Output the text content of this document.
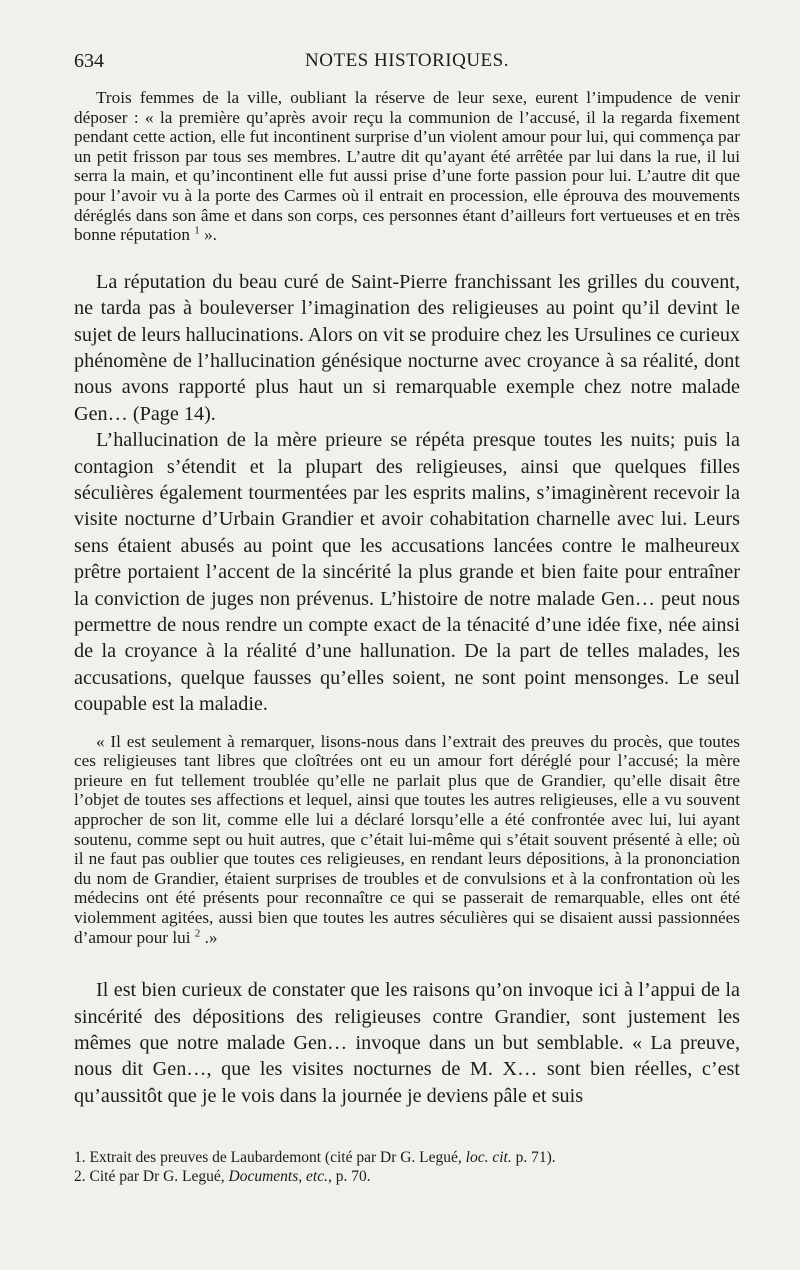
634	NOTES HISTORIQUES.

Trois femmes de la ville, oubliant la réserve de leur sexe, eurent l’impudence de venir déposer : « la première qu’après avoir reçu la communion de l’accusé, il la regarda fixement pendant cette action, elle fut incontinent surprise d’un violent amour pour lui, qui commença par un petit frisson par tous ses membres. L’autre dit qu’ayant été arrêtée par lui dans la rue, il lui serra la main, et qu’incontinent elle fut aussi prise d’une forte passion pour lui. L’autre dit que pour l’avoir vu à la porte des Carmes où il entrait en procession, elle éprouva des mouvements déréglés dans son âme et dans son corps, ces personnes étant d’ailleurs fort vertueuses et en très bonne réputation $^1$ ».

La réputation du beau curé de Saint-Pierre franchissant les grilles du couvent, ne tarda pas à bouleverser l’imagination des religieuses au point qu’il devint le sujet de leurs hallucinations. Alors on vit se produire chez les Ursulines ce curieux phénomène de l’hallucination génésique nocturne avec croyance à sa réalité, dont nous avons rapporté plus haut un si remarquable exemple chez notre malade Gen… (Page 14).

L’hallucination de la mère prieure se répéta presque toutes les nuits; puis la contagion s’étendit et la plupart des religieuses, ainsi que quelques filles séculières également tourmentées par les esprits malins, s’imaginèrent recevoir la visite nocturne d’Urbain Grandier et avoir cohabitation charnelle avec lui. Leurs sens étaient abusés au point que les accusations lancées contre le malheureux prêtre portaient l’accent de la sincérité la plus grande et bien faite pour entraîner la conviction de juges non prévenus. L’histoire de notre malade Gen… peut nous permettre de nous rendre un compte exact de la ténacité d’une idée fixe, née ainsi de la croyance à la réalité d’une hallunation. De la part de telles malades, les accusations, quelque fausses qu’elles soient, ne sont point mensonges. Le seul coupable est la maladie.

« Il est seulement à remarquer, lisons-nous dans l’extrait des preuves du procès, que toutes ces religieuses tant libres que cloîtrées ont eu un amour fort déréglé pour l’accusé; la mère prieure en fut tellement troublée qu’elle ne parlait plus que de Grandier, qu’elle disait être l’objet de toutes ses affections et lequel, ainsi que toutes les autres religieuses, elle a vu souvent approcher de son lit, comme elle lui a déclaré lorsqu’elle a été confrontée avec lui, lui ayant soutenu, comme sept ou huit autres, que c’était lui-même qui s’était souvent présenté à elle; où il ne faut pas oublier que toutes ces religieuses, en rendant leurs dépositions, à la prononciation du nom de Grandier, étaient surprises de troubles et de convulsions et à la confrontation où les médecins ont été présents pour reconnaître ce qui se passerait de remarquable, elles ont été violemment agitées, aussi bien que toutes les autres séculières qui se disaient aussi passionnées d’amour pour lui $^2$ .»

Il est bien curieux de constater que les raisons qu’on invoque ici à l’appui de la sincérité des dépositions des religieuses contre Grandier, sont justement les mêmes que notre malade Gen… invoque dans un but semblable. « La preuve, nous dit Gen…, que les visites nocturnes de M. X… sont bien réelles, c’est qu’aussitôt que je le vois dans la journée je deviens pâle et suis

1. Extrait des preuves de Laubardemont (cité par Dr G. Legué, loc. cit. p. 71).

2. Cité par Dr G. Legué, Documents, etc., p. 70.
